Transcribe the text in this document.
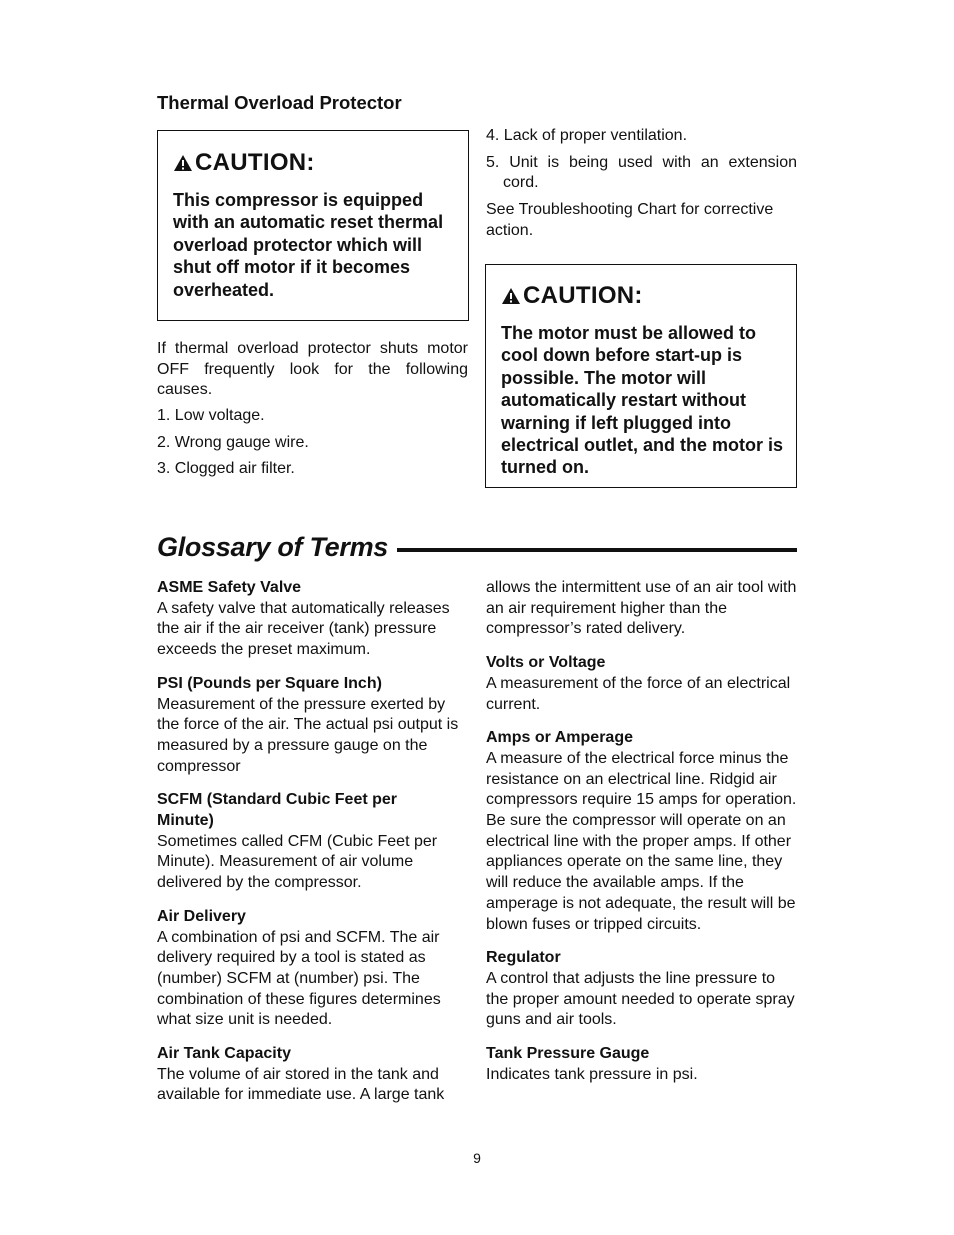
Thermal Overload Protector
CAUTION:
This compressor is equipped with an automatic reset thermal overload protector which will shut off motor if it becomes overheated.
If thermal overload protector shuts motor OFF frequently look for the following causes.

1. Low voltage.

2. Wrong gauge wire.

3. Clogged air filter.

4. Lack of proper ventilation.

5. Unit is being used with an extension cord.

See Troubleshooting Chart for corrective action.

CAUTION:
The motor must be allowed to cool down before start-up is possible. The motor will automatically restart without warning if left plugged into electrical outlet, and the motor is turned on.
Glossary of Terms
ASME Safety Valve
A safety valve that automatically releases the air if the air receiver (tank) pressure exceeds the preset maximum.
PSI (Pounds per Square Inch)
Measurement of the pressure exerted by the force of the air. The actual psi output is measured by a pressure gauge on the compressor
SCFM (Standard Cubic Feet per Minute)
Sometimes called CFM (Cubic Feet per Minute). Measurement of air volume delivered by the compressor.
Air Delivery
A combination of psi and SCFM. The air delivery required by a tool is stated as (number) SCFM at (number) psi. The combination of these figures determines what size unit is needed.
Air Tank Capacity
The volume of air stored in the tank and available for immediate use. A large tank
allows the intermittent use of an air tool with an air requirement higher than the compressor’s rated delivery.
Volts or Voltage
A measurement of the force of an electrical current.
Amps or Amperage
A measure of the electrical force minus the resistance on an electrical line. Ridgid air compressors require 15 amps for operation. Be sure the compressor will operate on an electrical line with the proper amps. If other appliances operate on the same line, they will reduce the available amps. If the amperage is not adequate, the result will be blown fuses or tripped circuits.
Regulator
A control that adjusts the line pressure to the proper amount needed to operate spray guns and air tools.
Tank Pressure Gauge
Indicates tank pressure in psi.
9
